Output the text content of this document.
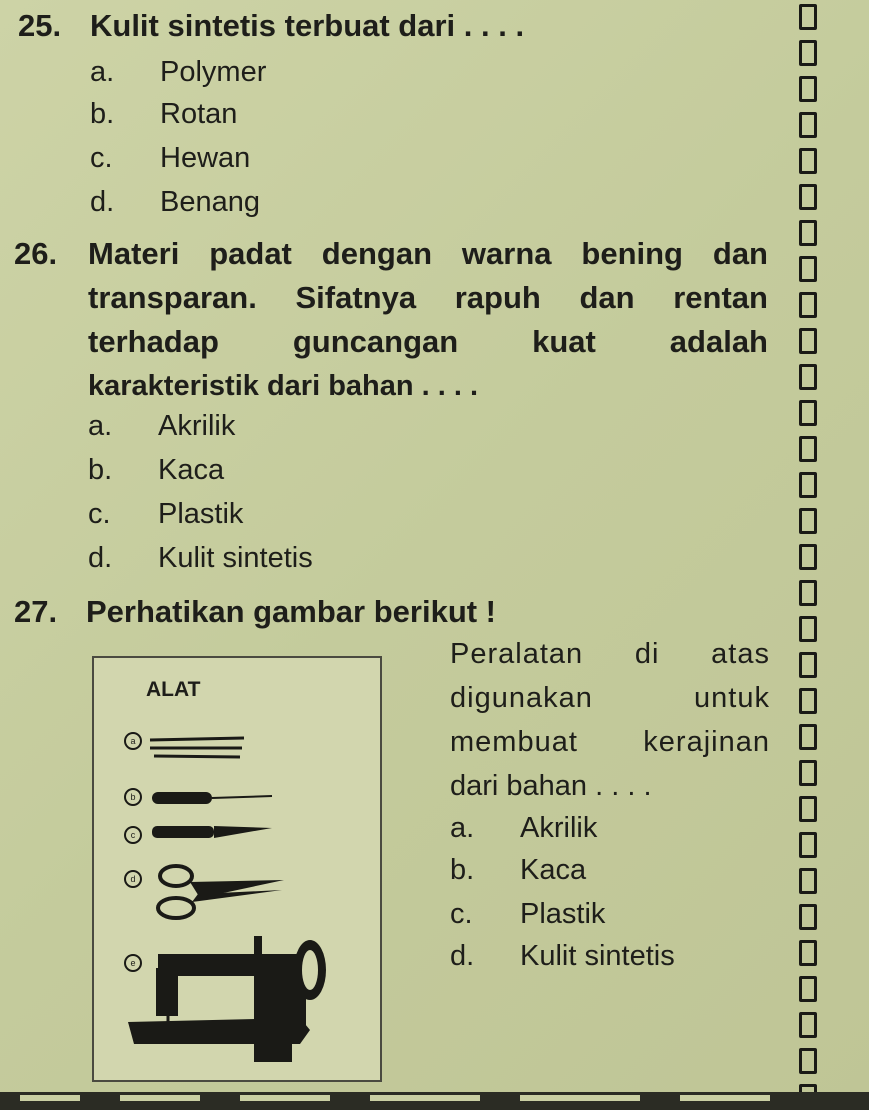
25. Kulit sintetis terbuat dari . . . .
a. Polymer
b. Rotan
c. Hewan
d. Benang
26. Materi padat dengan warna bening dan
transparan. Sifatnya rapuh dan rentan
terhadap guncangan kuat adalah
karakteristik dari bahan . . . .
a. Akrilik
b. Kaca
c. Plastik
d. Kulit sintetis
27. Perhatikan gambar berikut !
ALAT
a
b
c
d
e
Peralatan di atas
digunakan untuk
membuat kerajinan
dari bahan . . . .
a. Akrilik
b. Kaca
c. Plastik
d. Kulit sintetis
